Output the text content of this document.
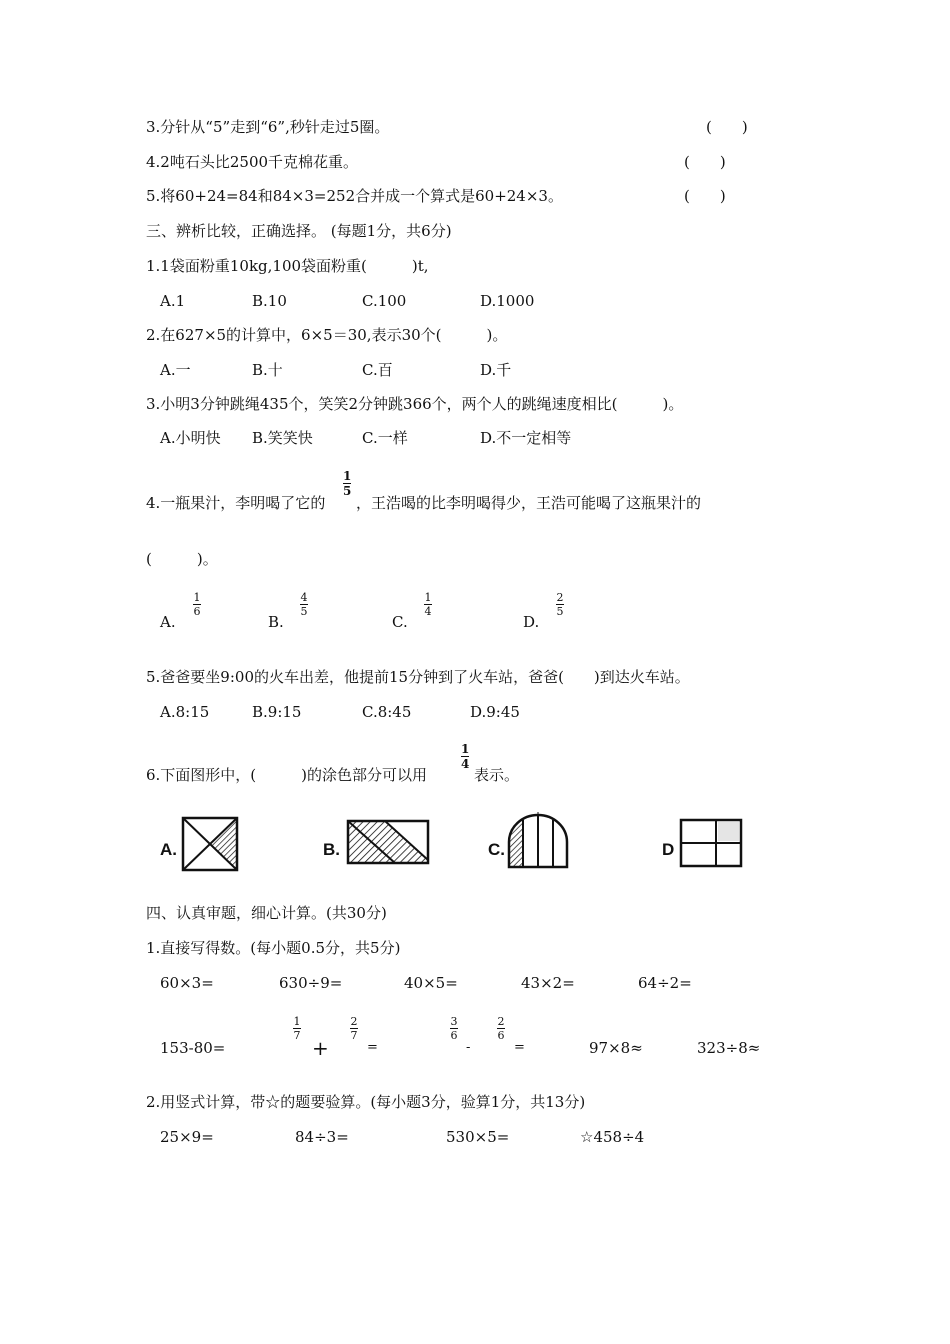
3.分针从“5”走到“6”,秒针走过5圈。	(　　)
4.2吨石头比2500千克棉花重。	(　　)
5.将60+24=84和84×3=252合并成一个算式是60+24×3。	(　　)
三、辨析比较，正确选择。 (每题1分，共6分)
1.1袋面粉重10kg,100袋面粉重(　　　)t,
A.1	B.10	C.100	D.1000
2.在627×5的计算中，6×5＝30,表示30个(　　　)。
A.一	B.十	C.百	D.千
3.小明3分钟跳绳435个，笑笑2分钟跳366个，两个人的跳绳速度相比(　　　)。
A.小明快 B.笑笑快	C.一样	D.不一定相等
4.一瓶果汁，李明喝了它的
1
5
，王浩喝的比李明喝得少，王浩可能喝了这瓶果汁的
(　　　)。
A.
1
6
B.
4
5
C.
1
4
D.
2
5
5.爸爸要坐9:00的火车出差，他提前15分钟到了火车站，爸爸(　　)到达火车站。
A.8:15	B.9:15	C.8:45	D.9:45
6.下面图形中，(　　　)的涂色部分可以用
1
4
表示。
A.	B.	C.	D
四、认真审题，细心计算。(共30分)
1.直接写得数。(每小题0.5分，共5分)
60×3=	630÷9=	40×5=	43×2=	64÷2=
153-80=
1
7
+
2
7
=
3
6
-
2
6
=	97×8≈	323÷8≈
2.用竖式计算，带☆的题要验算。(每小题3分，验算1分，共13分)
25×9=	84÷3=	530×5=	☆458÷4
